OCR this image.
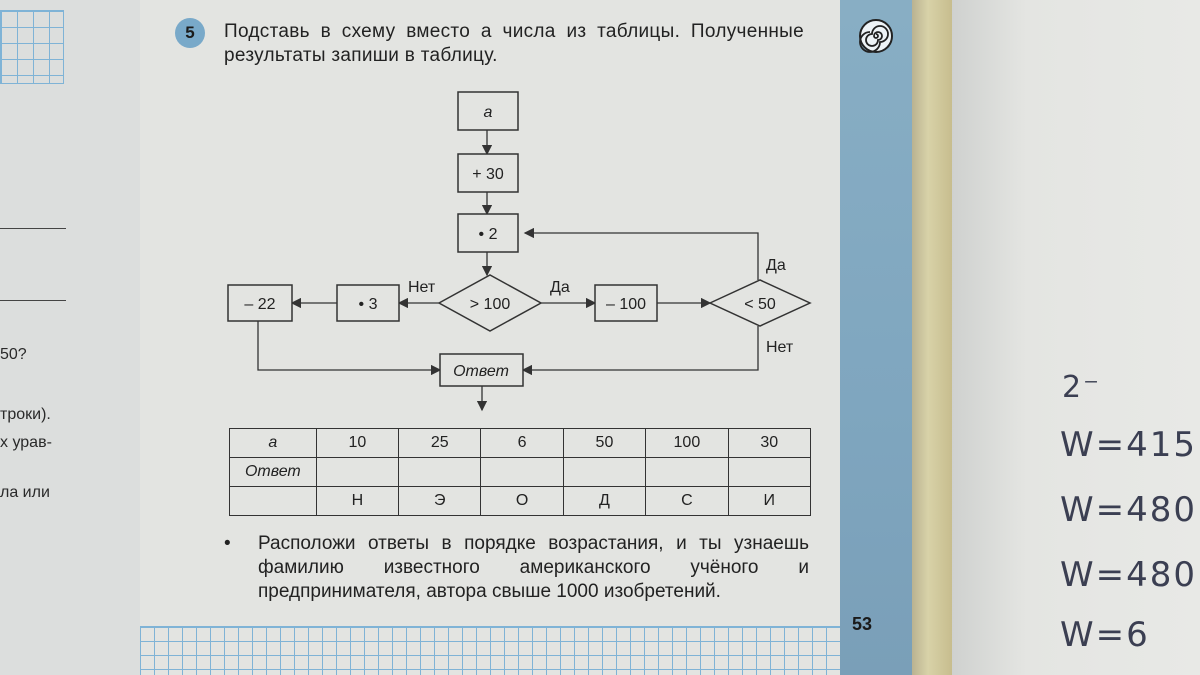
50?
троки).
х урав-
ла или
5	Подставь в схему вместо a числа из таблицы. Полученные результаты запиши в таблицу.
a
+ 30
• 2
> 100	– 100	< 50
• 3
– 22
Ответ
Да
Да
Нет
Нет
a	10	25	6	50	100	30
Ответ						
	Н	Э	О	Д	С	И
•	Расположи ответы в порядке возрастания, и ты узнаешь фамилию известного американского учёного и предпринимателя, автора свыше 1000 изобретений.
53
2⁻
W=415
W=480
W=480
W=6
